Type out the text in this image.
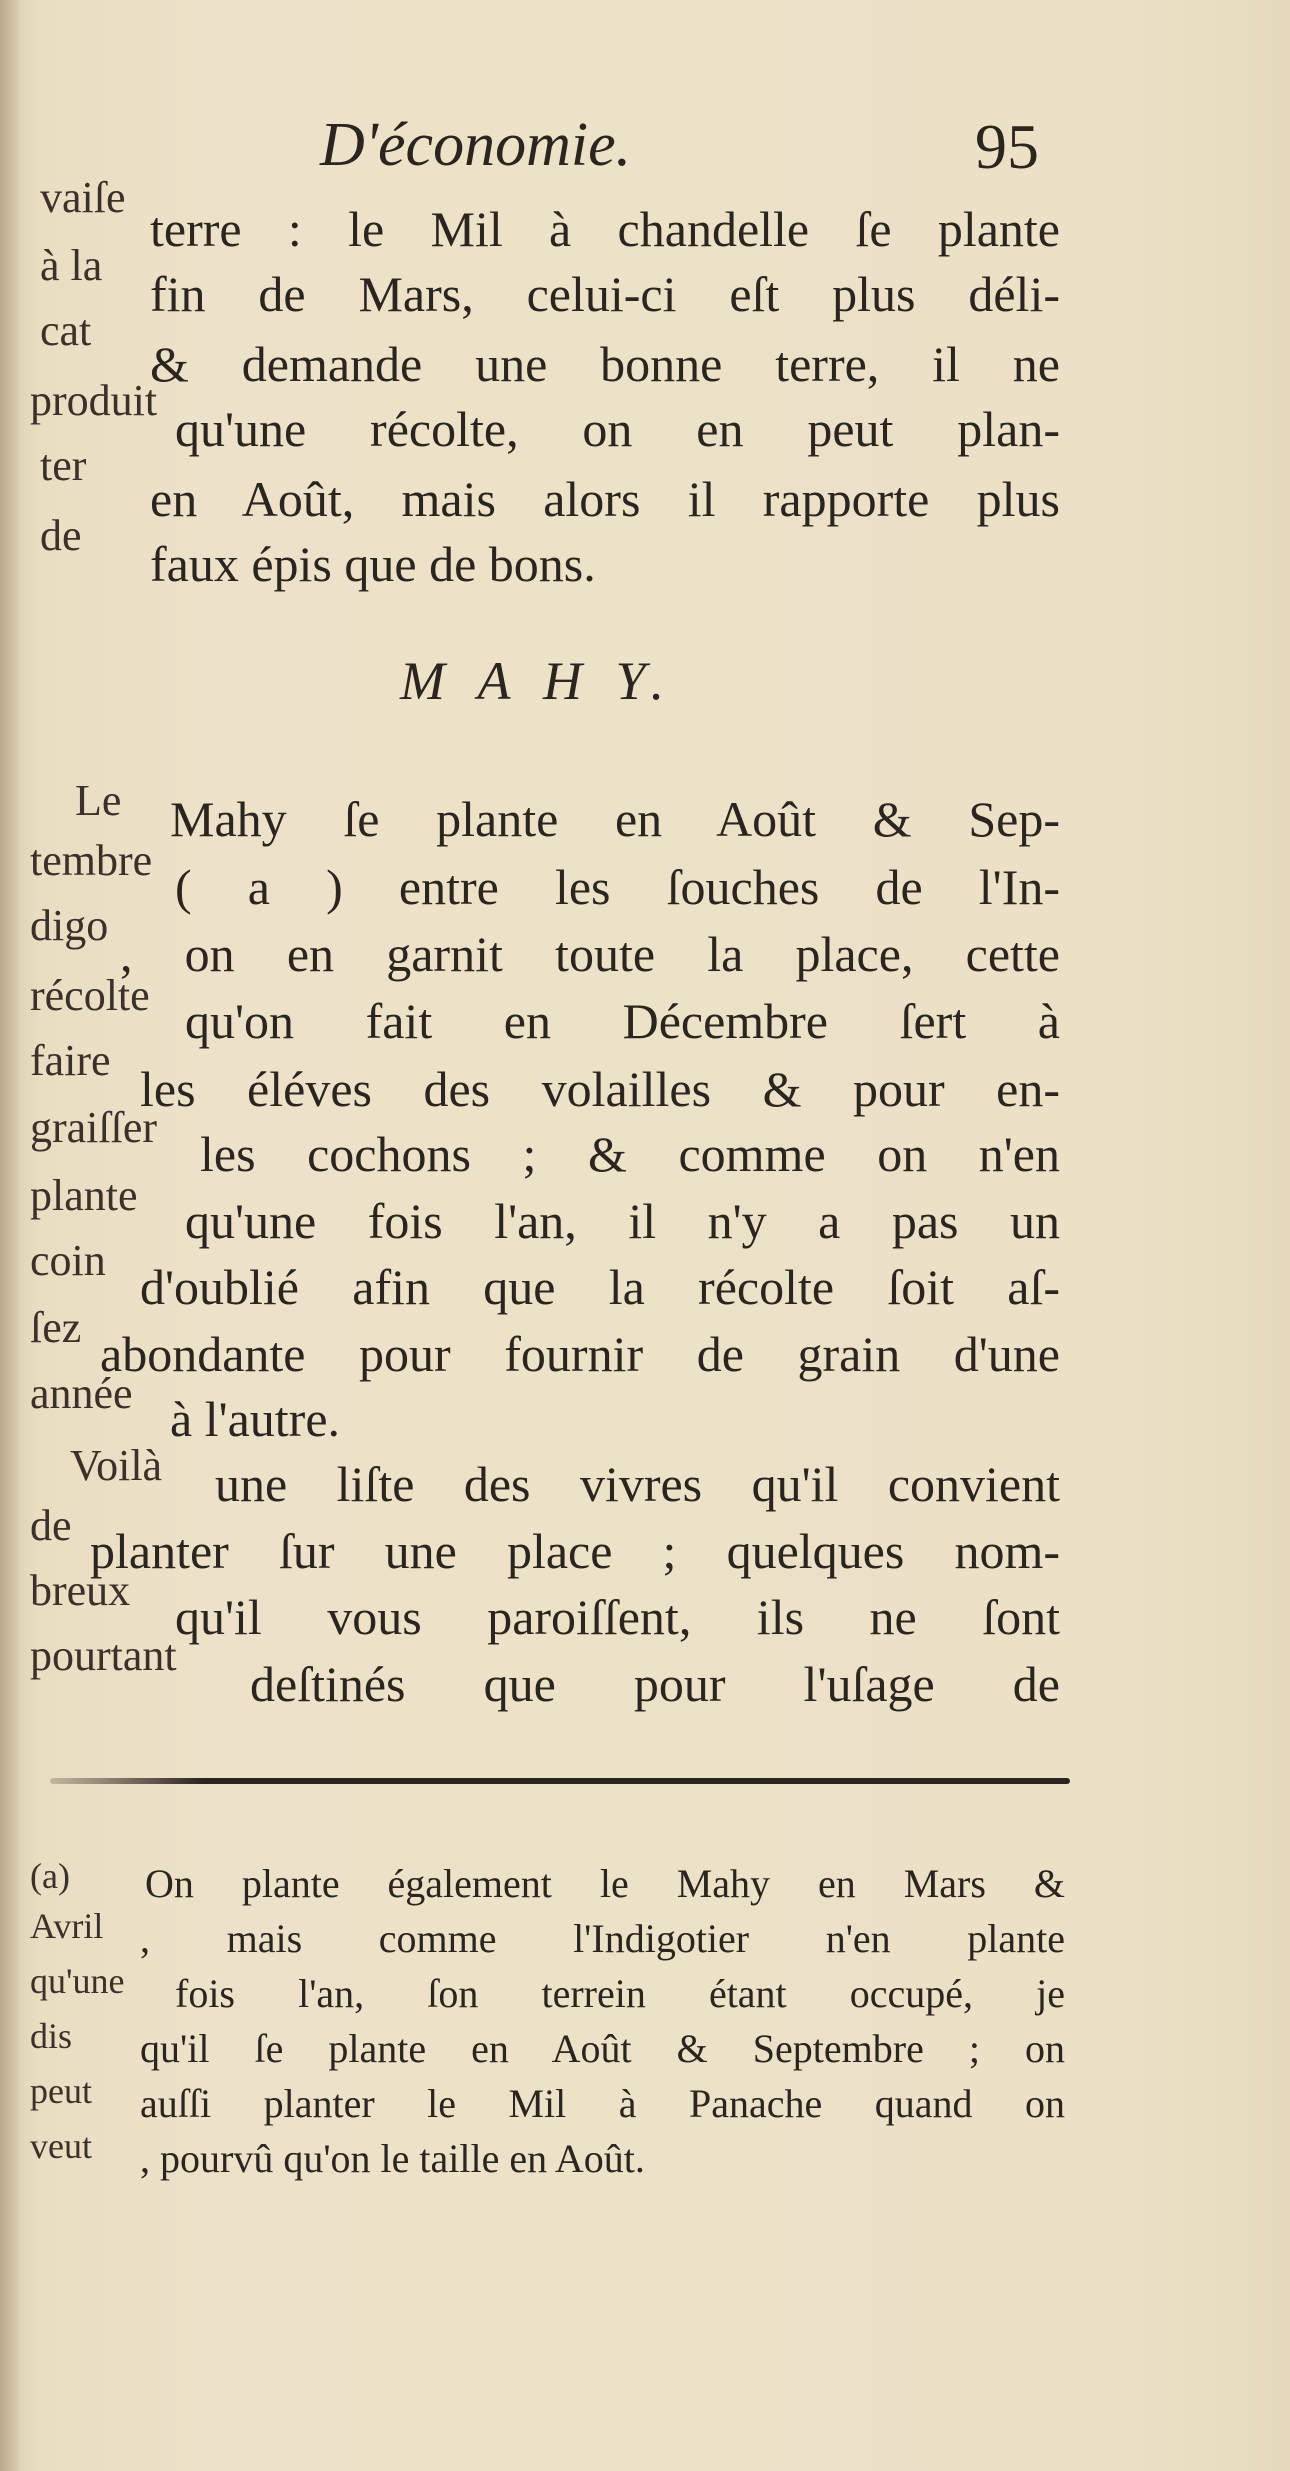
D'économie.	95
vaiſe
terre : le Mil à chandelle ſe plante
à la
fin de Mars, celui-ci eſt plus déli-
cat
& demande une bonne terre, il ne
produit
qu'une récolte, on en peut plan-
ter
en Août, mais alors il rapporte plus
de
faux épis que de bons.
M A H Y.
Le Mahy ſe plante en Août & Sep-
tembre ( a ) entre les ſouches de l'In-
digo
, on en garnit toute la place, cette
récolte qu'on fait en Décembre ſert à
faire
les éléves des volailles & pour en-
graiſſer les cochons ; & comme on n'en
plante qu'une fois l'an, il n'y a pas un
coin d'oublié afin que la récolte ſoit aſ-
ſez abondante pour fournir de grain d'une
année à l'autre.
Voilà une liſte des vivres qu'il convient
de planter ſur une place ; quelques nom-
breux qu'il vous paroiſſent, ils ne ſont
pourtant
deſtinés que pour l'uſage de
(a) On plante également le Mahy en Mars &
Avril , mais comme l'Indigotier n'en plante
qu'une fois l'an, ſon terrein étant occupé, je
dis qu'il ſe plante en Août & Septembre ; on
peut auſſi planter le Mil à Panache quand on
veut , pourvû qu'on le taille en Août.
